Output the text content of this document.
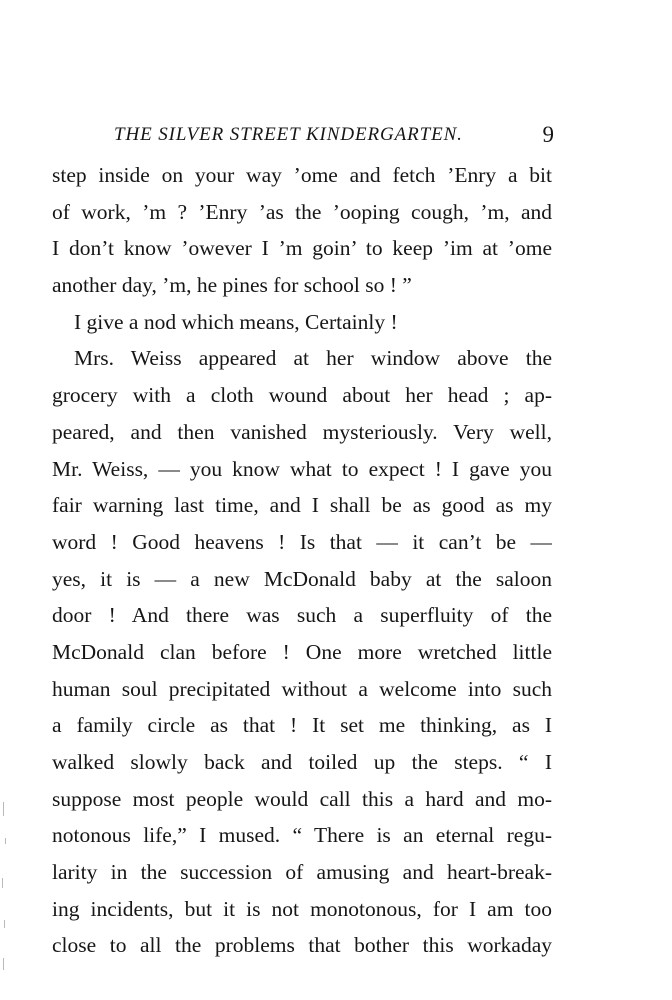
THE SILVER STREET KINDERGARTEN.	9
step inside on your way ’ome and fetch ’Enry a bit
of work, ’m ? ’Enry ’as the ’ooping cough, ’m, and
I don’t know ’owever I ’m goin’ to keep ’im at ’ome
another day, ’m, he pines for school so ! ”
I give a nod which means, Certainly !
Mrs. Weiss appeared at her window above the
grocery with a cloth wound about her head ; ap-
peared, and then vanished mysteriously. Very well,
Mr. Weiss, — you know what to expect ! I gave you
fair warning last time, and I shall be as good as my
word ! Good heavens ! Is that — it can’t be —
yes, it is — a new McDonald baby at the saloon
door ! And there was such a superfluity of the
McDonald clan before ! One more wretched little
human soul precipitated without a welcome into such
a family circle as that ! It set me thinking, as I
walked slowly back and toiled up the steps. “ I
suppose most people would call this a hard and mo-
notonous life,” I mused. “ There is an eternal regu-
larity in the succession of amusing and heart-break-
ing incidents, but it is not monotonous, for I am too
close to all the problems that bother this workaday
